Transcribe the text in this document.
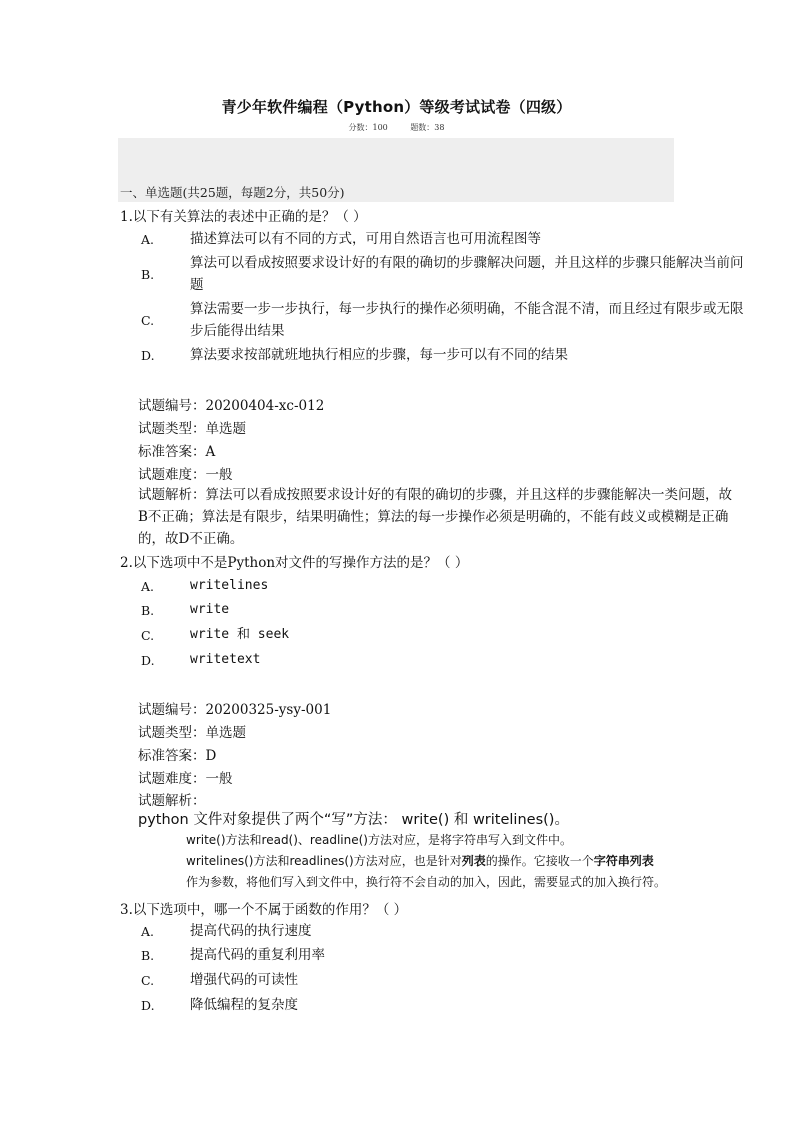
青少年软件编程（Python）等级考试试卷（四级）
分数：100	题数：38
一、单选题(共25题，每题2分，共50分)
1.以下有关算法的表述中正确的是？（ ）
A.	描述算法可以有不同的方式，可用自然语言也可用流程图等
B.
算法可以看成按照要求设计好的有限的确切的步骤解决问题，并且这样的步骤只能解决当前问题
C.
算法需要一步一步执行，每一步执行的操作必须明确，不能含混不清，而且经过有限步或无限步后能得出结果
D.	算法要求按部就班地执行相应的步骤，每一步可以有不同的结果
试题编号：20200404-xc-012
试题类型：单选题
标准答案：A
试题难度：一般
试题解析：算法可以看成按照要求设计好的有限的确切的步骤，并且这样的步骤能解决一类问题，故B不正确；算法是有限步，结果明确性；算法的每一步操作必须是明确的，不能有歧义或模糊是正确的，故D不正确。
2.以下选项中不是Python对文件的写操作方法的是？（ ）
A.	writelines
B.	write
C.	write 和 seek
D.	writetext
试题编号：20200325-ysy-001
试题类型：单选题
标准答案：D
试题难度：一般
试题解析：
python 文件对象提供了两个“写”方法： write() 和 writelines()。
write()方法和read()、readline()方法对应，是将字符串写入到文件中。
writelines()方法和readlines()方法对应，也是针对列表的操作。它接收一个字符串列表
作为参数，将他们写入到文件中，换行符不会自动的加入，因此，需要显式的加入换行符。
3.以下选项中，哪一个不属于函数的作用？（ ）
A.	提高代码的执行速度
B.	提高代码的重复利用率
C.	增强代码的可读性
D.	降低编程的复杂度
